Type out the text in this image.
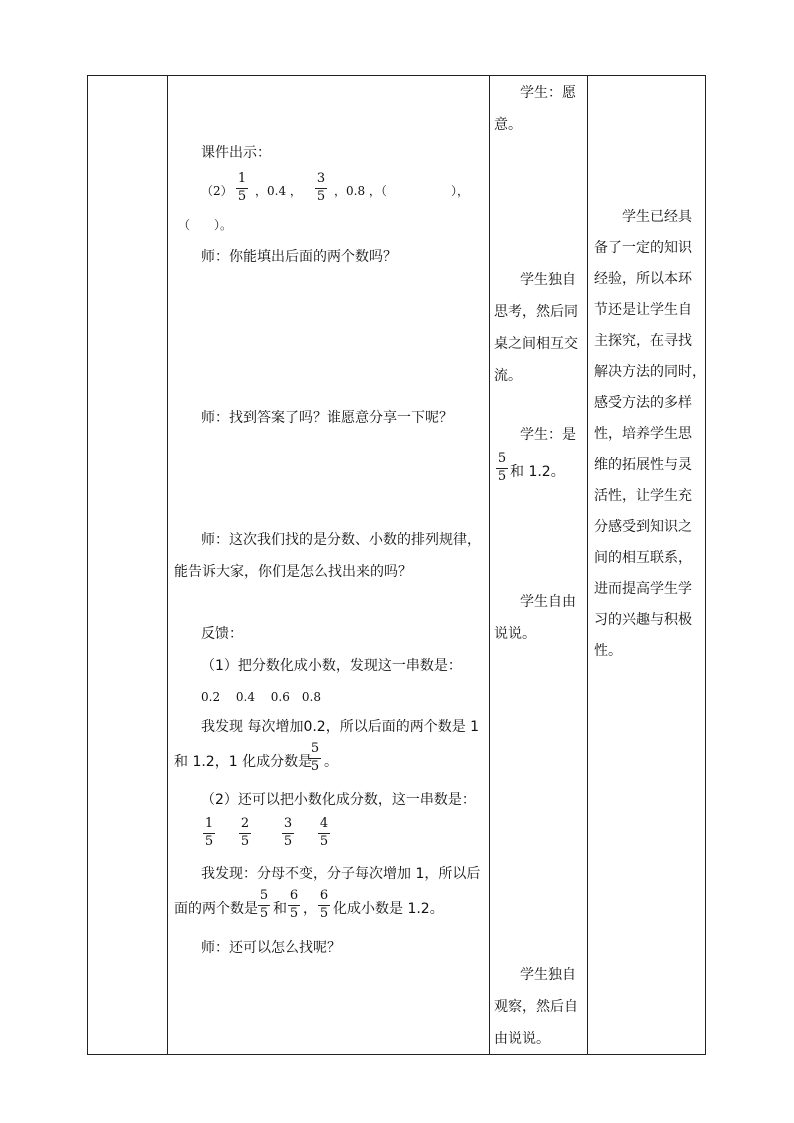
课件出示：
（2）
1
5 ，0.4 ，
3
5 ，0.8 ，（	），
（　　）。
师：你能填出后面的两个数吗？
师：找到答案了吗？谁愿意分享一下呢？
师：这次我们找的是分数、小数的排列规律，
能告诉大家，你们是怎么找出来的吗？
反馈：
（1）把分数化成小数，发现这一串数是：
0.2　 0.4　 0.6　0.8
我发现 每次增加0.2，所以后面的两个数是 1
和 1.2，1 化成分数是
5
5 。
（2）还可以把小数化成分数，这一串数是：
1
5
2
5
3
5
4
5
我发现：分母不变，分子每次增加 1，所以后
面的两个数是
5
5 和
6
5 ，
6
5 化成小数是 1.2。
师：还可以怎么找呢？
学生：愿
意。
学生独自
思考，然后同
桌之间相互交
流。
学生：是
5
5 和 1.2。
学生自由
说说。
学生独自
观察，然后自
由说说。
学生已经具
备了一定的知识
经验，所以本环
节还是让学生自
主探究，在寻找
解决方法的同时，
感受方法的多样
性，培养学生思
维的拓展性与灵
活性，让学生充
分感受到知识之
间的相互联系，
进而提高学生学
习的兴趣与积极
性。
